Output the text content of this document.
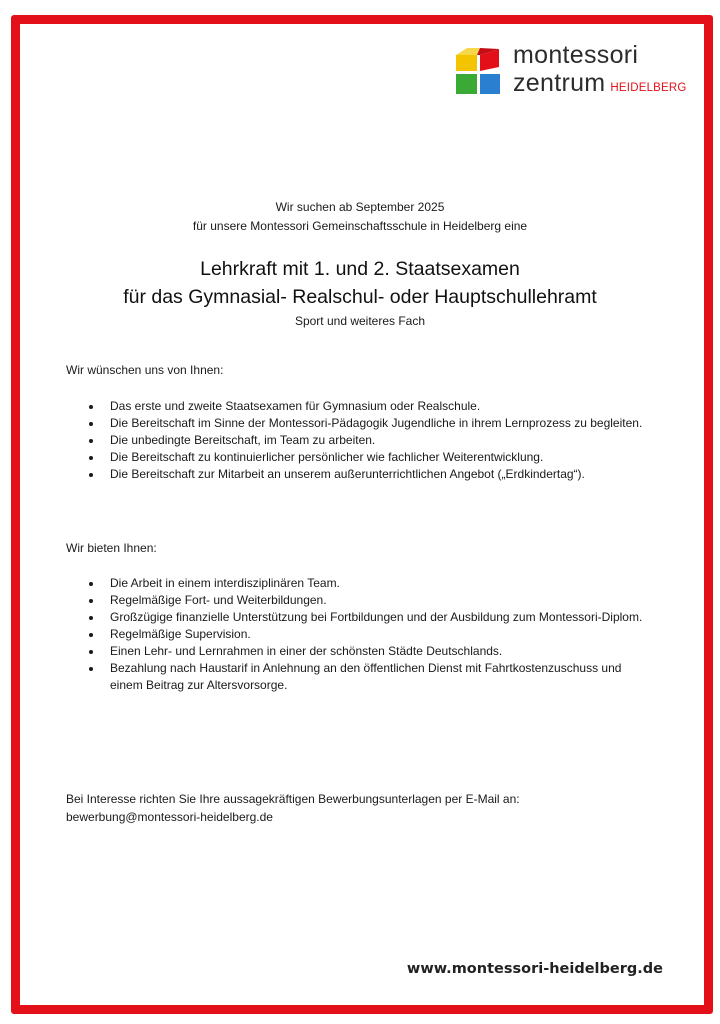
montessori
zentrum HEIDELBERG
Wir suchen ab September 2025
für unsere Montessori Gemeinschaftsschule in Heidelberg eine
Lehrkraft mit 1. und 2. Staatsexamen
für das Gymnasial- Realschul- oder Hauptschullehramt
Sport und weiteres Fach
Wir wünschen uns von Ihnen:
Das erste und zweite Staatsexamen für Gymnasium oder Realschule.
Die Bereitschaft im Sinne der Montessori-Pädagogik Jugendliche in ihrem Lernprozess zu begleiten.
Die unbedingte Bereitschaft, im Team zu arbeiten.
Die Bereitschaft zu kontinuierlicher persönlicher wie fachlicher Weiterentwicklung.
Die Bereitschaft zur Mitarbeit an unserem außerunterrichtlichen Angebot („Erdkindertag“).
Wir bieten Ihnen:
Die Arbeit in einem interdisziplinären Team.
Regelmäßige Fort- und Weiterbildungen.
Großzügige finanzielle Unterstützung bei Fortbildungen und der Ausbildung zum Montessori-Diplom.
Regelmäßige Supervision.
Einen Lehr- und Lernrahmen in einer der schönsten Städte Deutschlands.
Bezahlung nach Haustarif in Anlehnung an den öffentlichen Dienst mit Fahrtkostenzuschuss und einem Beitrag zur Altersvorsorge.
Bei Interesse richten Sie Ihre aussagekräftigen Bewerbungsunterlagen per E-Mail an:
bewerbung@montessori-heidelberg.de
www.montessori-heidelberg.de
